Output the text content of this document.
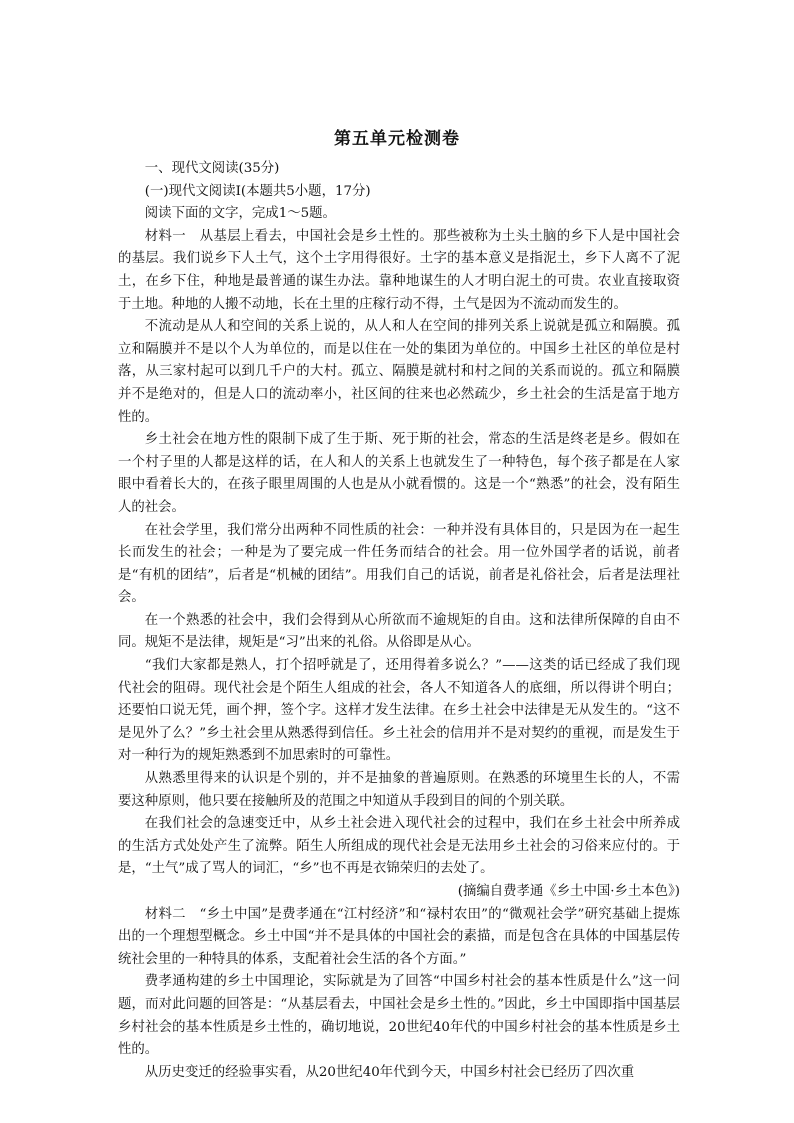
第五单元检测卷

一、现代文阅读(35分)

(一)现代文阅读Ⅰ(本题共5小题，17分)

阅读下面的文字，完成1～5题。

材料一　从基层上看去，中国社会是乡土性的。那些被称为土头土脑的乡下人是中国社会的基层。我们说乡下人土气，这个土字用得很好。土字的基本意义是指泥土，乡下人离不了泥土，在乡下住，种地是最普通的谋生办法。靠种地谋生的人才明白泥土的可贵。农业直接取资于土地。种地的人搬不动地，长在土里的庄稼行动不得，土气是因为不流动而发生的。

不流动是从人和空间的关系上说的，从人和人在空间的排列关系上说就是孤立和隔膜。孤立和隔膜并不是以个人为单位的，而是以住在一处的集团为单位的。中国乡土社区的单位是村落，从三家村起可以到几千户的大村。孤立、隔膜是就村和村之间的关系而说的。孤立和隔膜并不是绝对的，但是人口的流动率小，社区间的往来也必然疏少，乡土社会的生活是富于地方性的。

乡土社会在地方性的限制下成了生于斯、死于斯的社会，常态的生活是终老是乡。假如在一个村子里的人都是这样的话，在人和人的关系上也就发生了一种特色，每个孩子都是在人家眼中看着长大的，在孩子眼里周围的人也是从小就看惯的。这是一个“熟悉”的社会，没有陌生人的社会。

在社会学里，我们常分出两种不同性质的社会：一种并没有具体目的，只是因为在一起生长而发生的社会；一种是为了要完成一件任务而结合的社会。用一位外国学者的话说，前者是“有机的团结”，后者是“机械的团结”。用我们自己的话说，前者是礼俗社会，后者是法理社会。

在一个熟悉的社会中，我们会得到从心所欲而不逾规矩的自由。这和法律所保障的自由不同。规矩不是法律，规矩是“习”出来的礼俗。从俗即是从心。

“我们大家都是熟人，打个招呼就是了，还用得着多说么？”——这类的话已经成了我们现代社会的阻碍。现代社会是个陌生人组成的社会，各人不知道各人的底细，所以得讲个明白；还要怕口说无凭，画个押，签个字。这样才发生法律。在乡土社会中法律是无从发生的。“这不是见外了么？”乡土社会里从熟悉得到信任。乡土社会的信用并不是对契约的重视，而是发生于对一种行为的规矩熟悉到不加思索时的可靠性。

从熟悉里得来的认识是个别的，并不是抽象的普遍原则。在熟悉的环境里生长的人，不需要这种原则，他只要在接触所及的范围之中知道从手段到目的间的个别关联。

在我们社会的急速变迁中，从乡土社会进入现代社会的过程中，我们在乡土社会中所养成的生活方式处处产生了流弊。陌生人所组成的现代社会是无法用乡土社会的习俗来应付的。于是，“土气”成了骂人的词汇，“乡”也不再是衣锦荣归的去处了。

(摘编自费孝通《乡土中国·乡土本色》)

材料二　“乡土中国”是费孝通在“江村经济”和“禄村农田”的“微观社会学”研究基础上提炼出的一个理想型概念。乡土中国“并不是具体的中国社会的素描，而是包含在具体的中国基层传统社会里的一种特具的体系，支配着社会生活的各个方面。”

费孝通构建的乡土中国理论，实际就是为了回答“中国乡村社会的基本性质是什么”这一问题，而对此问题的回答是：“从基层看去，中国社会是乡土性的。”因此，乡土中国即指中国基层乡村社会的基本性质是乡土性的，确切地说，20世纪40年代的中国乡村社会的基本性质是乡土性的。

从历史变迁的经验事实看，从20世纪40年代到今天，中国乡村社会已经历了四次重
